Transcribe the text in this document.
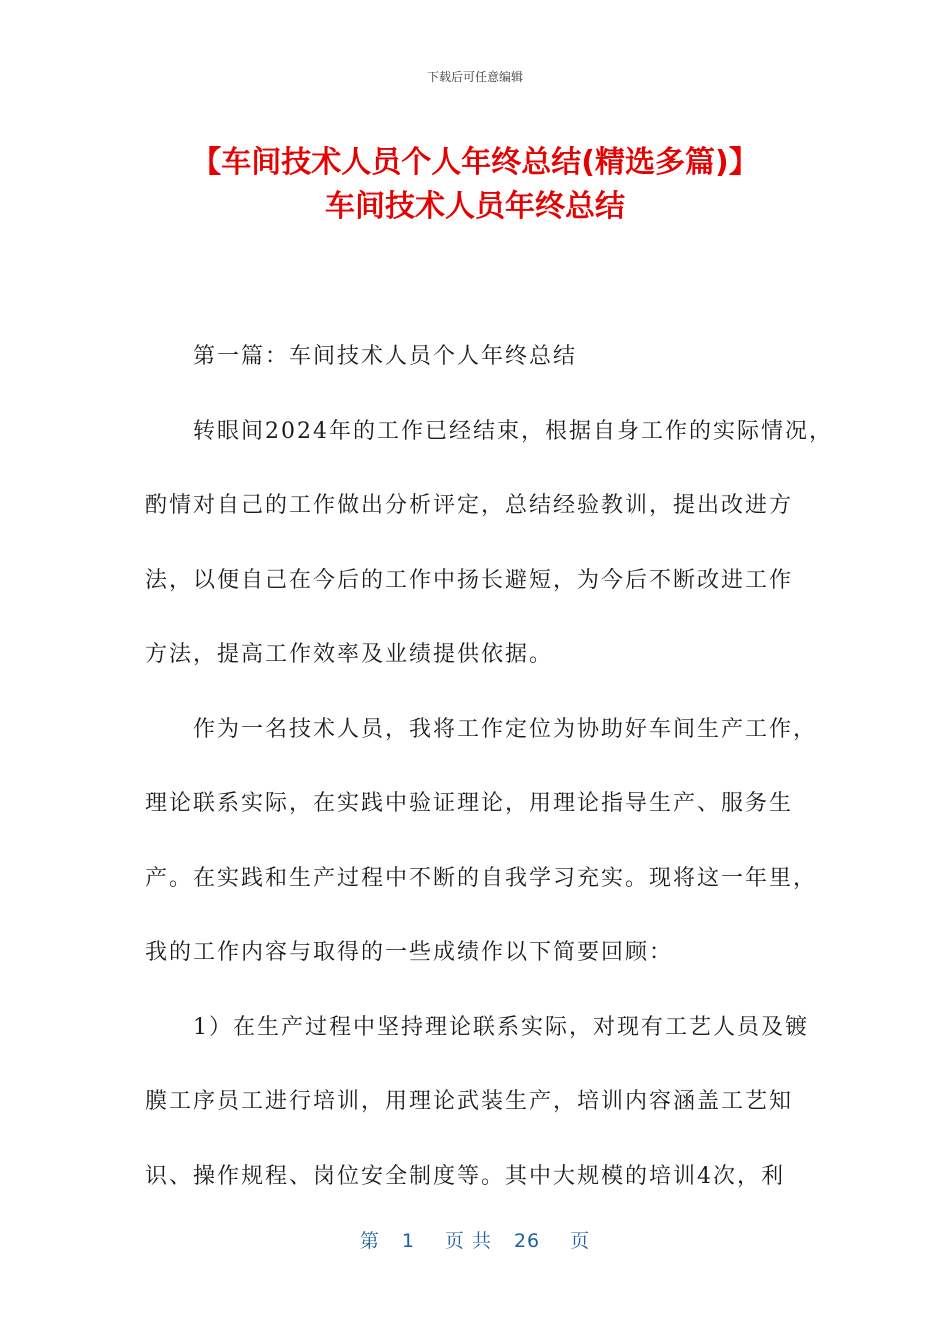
下载后可任意编辑
【车间技术人员个人年终总结(精选多篇)】
车间技术人员年终总结

第一篇：车间技术人员个人年终总结

转眼间2024年的工作已经结束，根据自身工作的实际情况，
酌情对自己的工作做出分析评定，总结经验教训，提出改进方
法，以便自己在今后的工作中扬长避短，为今后不断改进工作
方法，提高工作效率及业绩提供依据。

作为一名技术人员，我将工作定位为协助好车间生产工作，
理论联系实际，在实践中验证理论，用理论指导生产、服务生
产。在实践和生产过程中不断的自我学习充实。现将这一年里，
我的工作内容与取得的一些成绩作以下简要回顾：

1）在生产过程中坚持理论联系实际，对现有工艺人员及镀
膜工序员工进行培训，用理论武装生产，培训内容涵盖工艺知
识、操作规程、岗位安全制度等。其中大规模的培训4次，利

第 1 页 共 26 页
